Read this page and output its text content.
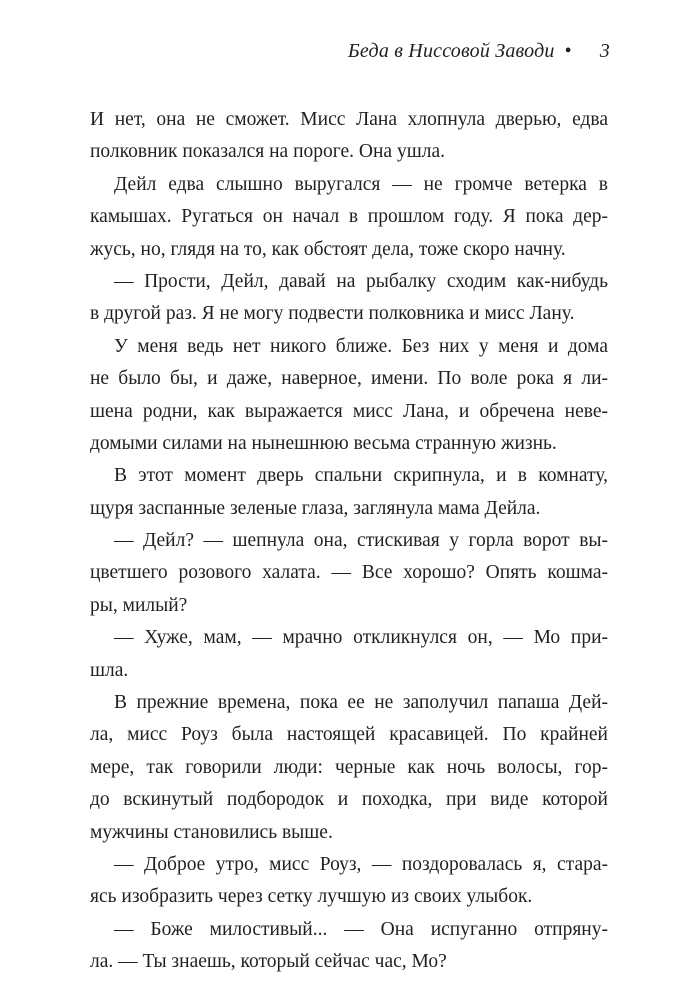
Беда в Ниссовой Заводи • 3
И нет, она не сможет. Мисс Лана хлопнула дверью, едва
полковник показался на пороге. Она ушла.
Дейл едва слышно выругался — не громче ветерка в
камышах. Ругаться он начал в прошлом году. Я пока дер-
жусь, но, глядя на то, как обстоят дела, тоже скоро начну.
— Прости, Дейл, давай на рыбалку сходим как-нибудь
в другой раз. Я не могу подвести полковника и мисс Лану.
У меня ведь нет никого ближе. Без них у меня и дома
не было бы, и даже, наверное, имени. По воле рока я ли-
шена родни, как выражается мисс Лана, и обречена неве-
домыми силами на нынешнюю весьма странную жизнь.
В этот момент дверь спальни скрипнула, и в комнату,
щуря заспанные зеленые глаза, заглянула мама Дейла.
— Дейл? — шепнула она, стискивая у горла ворот вы-
цветшего розового халата. — Все хорошо? Опять кошма-
ры, милый?
— Хуже, мам, — мрачно откликнулся он, — Мо при-
шла.
В прежние времена, пока ее не заполучил папаша Дей-
ла, мисс Роуз была настоящей красавицей. По крайней
мере, так говорили люди: черные как ночь волосы, гор-
до вскинутый подбородок и походка, при виде которой
мужчины становились выше.
— Доброе утро, мисс Роуз, — поздоровалась я, стара-
ясь изобразить через сетку лучшую из своих улыбок.
— Боже милостивый... — Она испуганно отпряну-
ла. — Ты знаешь, который сейчас час, Мо?
